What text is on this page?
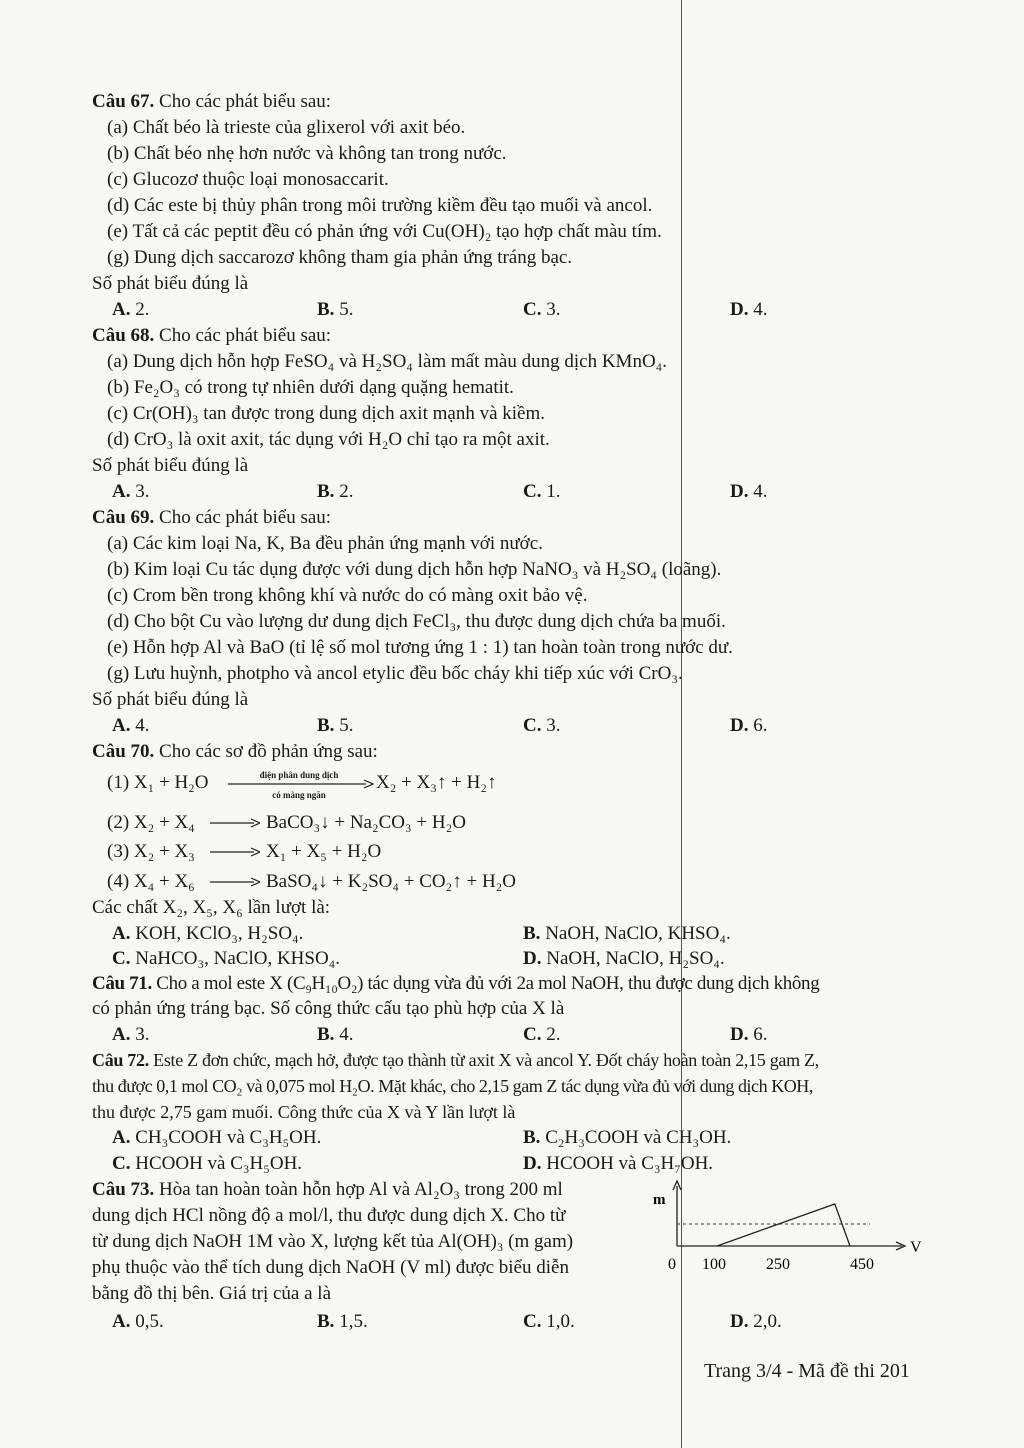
Câu 67. Cho các phát biểu sau:
(a) Chất béo là trieste của glixerol với axit béo.
(b) Chất béo nhẹ hơn nước và không tan trong nước.
(c) Glucozơ thuộc loại monosaccarit.
(d) Các este bị thủy phân trong môi trường kiềm đều tạo muối và ancol.
(e) Tất cả các peptit đều có phản ứng với Cu(OH)₂ tạo hợp chất màu tím.
(g) Dung dịch saccarozơ không tham gia phản ứng tráng bạc.
Số phát biểu đúng là
A. 2.	B. 5.	C. 3.	D. 4.
Câu 68. Cho các phát biểu sau:
(a) Dung dịch hỗn hợp FeSO₄ và H₂SO₄ làm mất màu dung dịch KMnO₄.
(b) Fe₂O₃ có trong tự nhiên dưới dạng quặng hematit.
(c) Cr(OH)₃ tan được trong dung dịch axit mạnh và kiềm.
(d) CrO₃ là oxit axit, tác dụng với H₂O chỉ tạo ra một axit.
Số phát biểu đúng là
A. 3.	B. 2.	C. 1.	D. 4.
Câu 69. Cho các phát biểu sau:
(a) Các kim loại Na, K, Ba đều phản ứng mạnh với nước.
(b) Kim loại Cu tác dụng được với dung dịch hỗn hợp NaNO₃ và H₂SO₄ (loãng).
(c) Crom bền trong không khí và nước do có màng oxit bảo vệ.
(d) Cho bột Cu vào lượng dư dung dịch FeCl₃, thu được dung dịch chứa ba muối.
(e) Hỗn hợp Al và BaO (tỉ lệ số mol tương ứng 1 : 1) tan hoàn toàn trong nước dư.
(g) Lưu huỳnh, photpho và ancol etylic đều bốc cháy khi tiếp xúc với CrO₃.
Số phát biểu đúng là
A. 4.	B. 5.	C. 3.	D. 6.
Câu 70. Cho các sơ đồ phản ứng sau:
(1) X₁ + H₂O	điện phân dung dịch
có màng ngăn
X₂ + X₃↑ + H₂↑
(2) X₂ + X₄ → BaCO₃↓ + Na₂CO₃ + H₂O
(3) X₂ + X₃ → X₁ + X₅ + H₂O
(4) X₄ + X₆ → BaSO₄↓ + K₂SO₄ + CO₂↑ + H₂O
Các chất X₂, X₅, X₆ lần lượt là:
A. KOH, KClO₃, H₂SO₄.	B. NaOH, NaClO, KHSO₄.
C. NaHCO₃, NaClO, KHSO₄.	D. NaOH, NaClO, H₂SO₄.
Câu 71. Cho a mol este X (C₉H₁₀O₂) tác dụng vừa đủ với 2a mol NaOH, thu được dung dịch không
có phản ứng tráng bạc. Số công thức cấu tạo phù hợp của X là
A. 3.	B. 4.	C. 2.	D. 6.
Câu 72. Este Z đơn chức, mạch hở, được tạo thành từ axit X và ancol Y. Đốt cháy hoàn toàn 2,15 gam Z,
thu được 0,1 mol CO₂ và 0,075 mol H₂O. Mặt khác, cho 2,15 gam Z tác dụng vừa đủ với dung dịch KOH,
thu được 2,75 gam muối. Công thức của X và Y lần lượt là
A. CH₃COOH và C₃H₅OH.	B. C₂H₃COOH và CH₃OH.
C. HCOOH và C₃H₅OH.	D. HCOOH và C₃H₇OH.
Câu 73. Hòa tan hoàn toàn hỗn hợp Al và Al₂O₃ trong 200 ml
dung dịch HCl nồng độ a mol/l, thu được dung dịch X. Cho từ
từ dung dịch NaOH 1M vào X, lượng kết tủa Al(OH)₃ (m gam)
phụ thuộc vào thể tích dung dịch NaOH (V ml) được biểu diễn
bằng đồ thị bên. Giá trị của a là
A. 0,5.	B. 1,5.	C. 1,0.	D. 2,0.
m
V
0 100	250	450
Trang 3/4 - Mã đề thi 201
